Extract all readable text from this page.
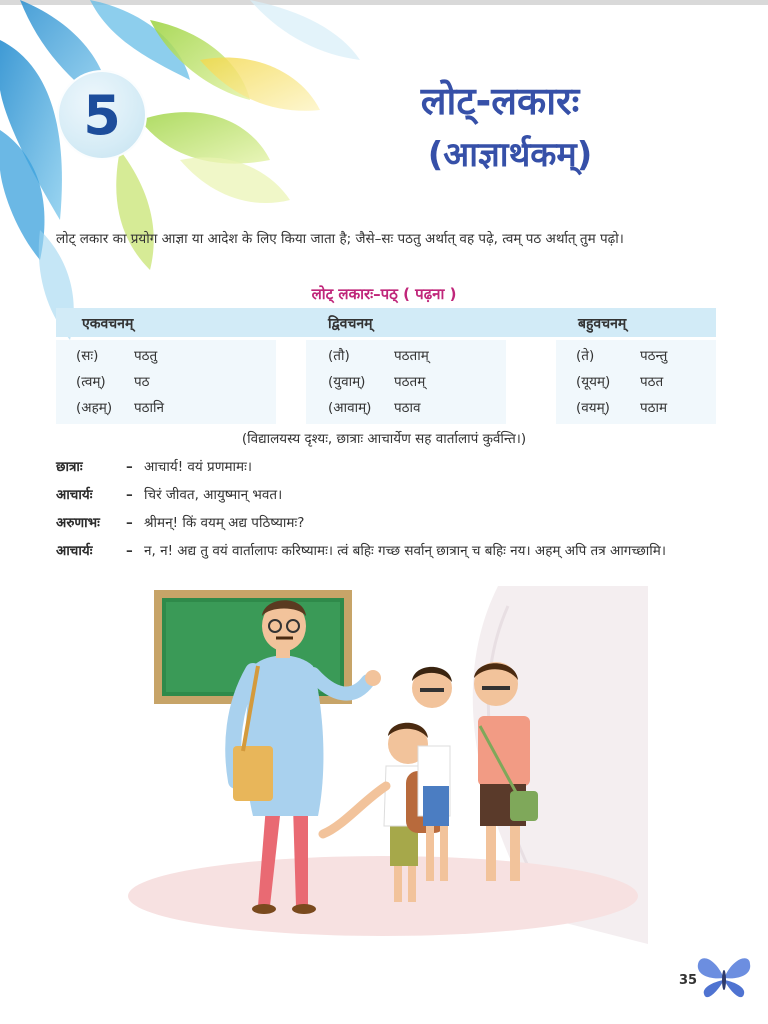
5	लोट्-लकारः
(आज्ञार्थकम्)

लोट् लकार का प्रयोग आज्ञा या आदेश के लिए किया जाता है; जैसे–सः पठतु अर्थात् वह पढ़े, त्वम् पठ अर्थात् तुम पढ़ो।

लोट् लकारः–पठ् ( पढ़ना )
एकवचनम्	द्विवचनम्	बहुवचनम्
(सः)	पठतु	(तौ)	पठताम्	(ते)	पठन्तु
(त्वम्) पठ	(युवाम्) पठतम्	(यूयम्) पठत
(अहम्) पठानि	(आवाम्) पठाव	(वयम्) पठाम
(विद्यालयस्य दृश्यः, छात्राः आचार्येण सह वार्तालापं कुर्वन्ति।)
छात्राः	– आचार्य! वयं प्रणमामः।
आचार्यः – चिरं जीवत, आयुष्मान् भवत।
अरुणाभः – श्रीमन्! किं वयम् अद्य पठिष्यामः?
आचार्यः – न, न! अद्य तु वयं वार्तालापः करिष्यामः। त्वं बहिः गच्छ सर्वान् छात्रान् च बहिः नय। अहम् अपि तत्र आगच्छामि।
35
